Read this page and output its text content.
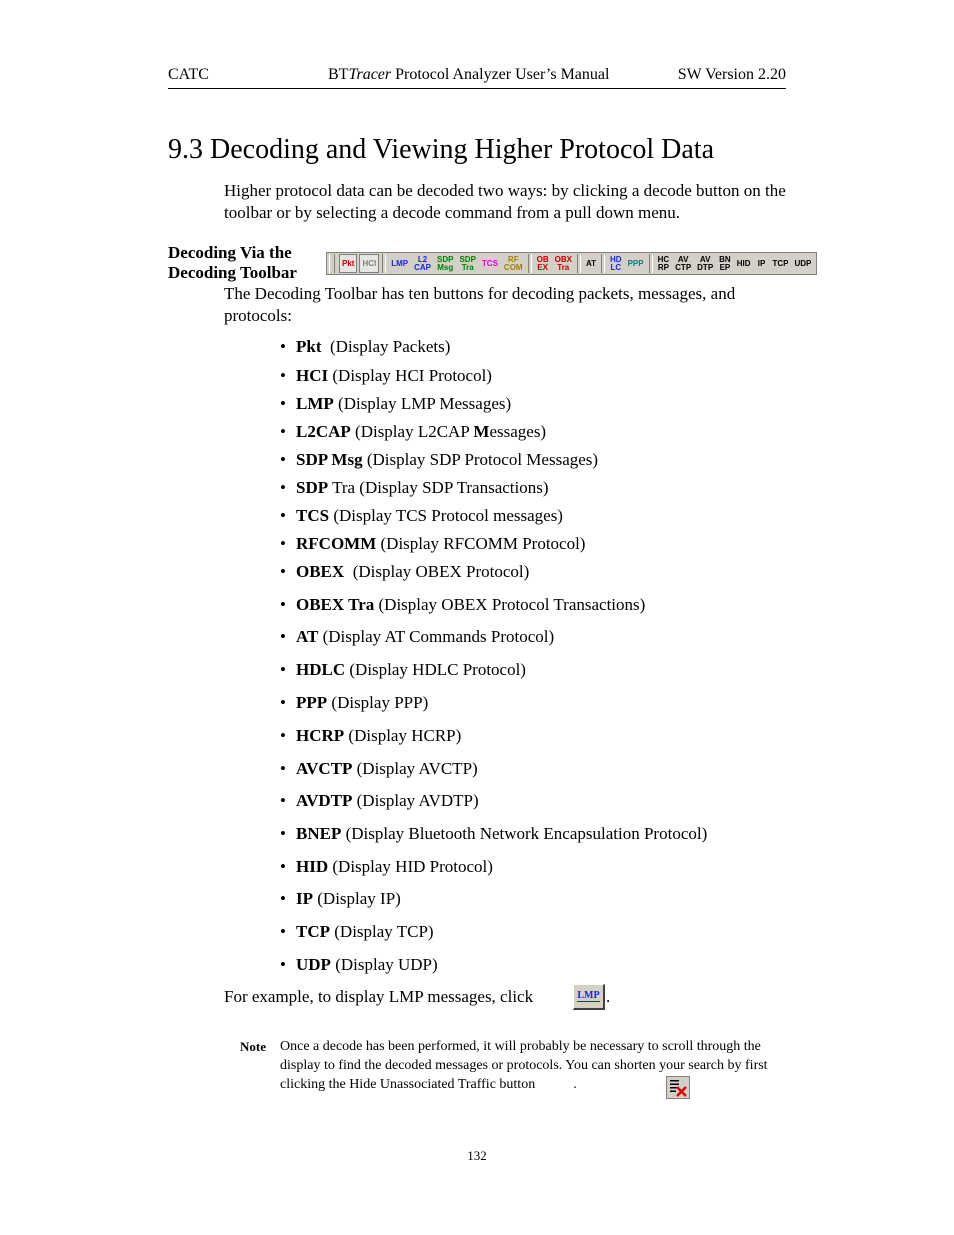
CATC	BTTracer Protocol Analyzer User’s Manual	SW Version 2.20
9.3 Decoding and Viewing Higher Protocol Data
Higher protocol data can be decoded two ways: by clicking a decode button on the toolbar or by selecting a decode command from a pull down menu.
Decoding Via the
Decoding Toolbar	Pkt HCI LMP L2
CAP
SDP
Msg
SDP
Tra TCS RF
COM
OB
EX
OBX
Tra AT HD
LC PPP HC
RP
AV
CTP
AV
DTP
BN
EP HID IP TCP UDP
The Decoding Toolbar has ten buttons for decoding packets, messages, and protocols:
• Pkt  (Display Packets)
• HCI (Display HCI Protocol)
• LMP (Display LMP Messages)
• L2CAP (Display L2CAP Messages)
• SDP Msg (Display SDP Protocol Messages)
• SDP Tra (Display SDP Transactions)
• TCS (Display TCS Protocol messages)
• RFCOMM (Display RFCOMM Protocol)
• OBEX  (Display OBEX Protocol)
• OBEX Tra (Display OBEX Protocol Transactions)
• AT (Display AT Commands Protocol)
• HDLC (Display HDLC Protocol)
• PPP (Display PPP)
• HCRP (Display HCRP)
• AVCTP (Display AVCTP)
• AVDTP (Display AVDTP)
• BNEP (Display Bluetooth Network Encapsulation Protocol)
• HID (Display HID Protocol)
• IP (Display IP)
• TCP (Display TCP)
• UDP (Display UDP)
For example, to display LMP messages, click	LMP .
Note Once a decode has been performed, it will probably be necessary to scroll through the display to find the decoded messages or protocols. You can shorten your search by first clicking the Hide Unassociated Traffic button	.
132
